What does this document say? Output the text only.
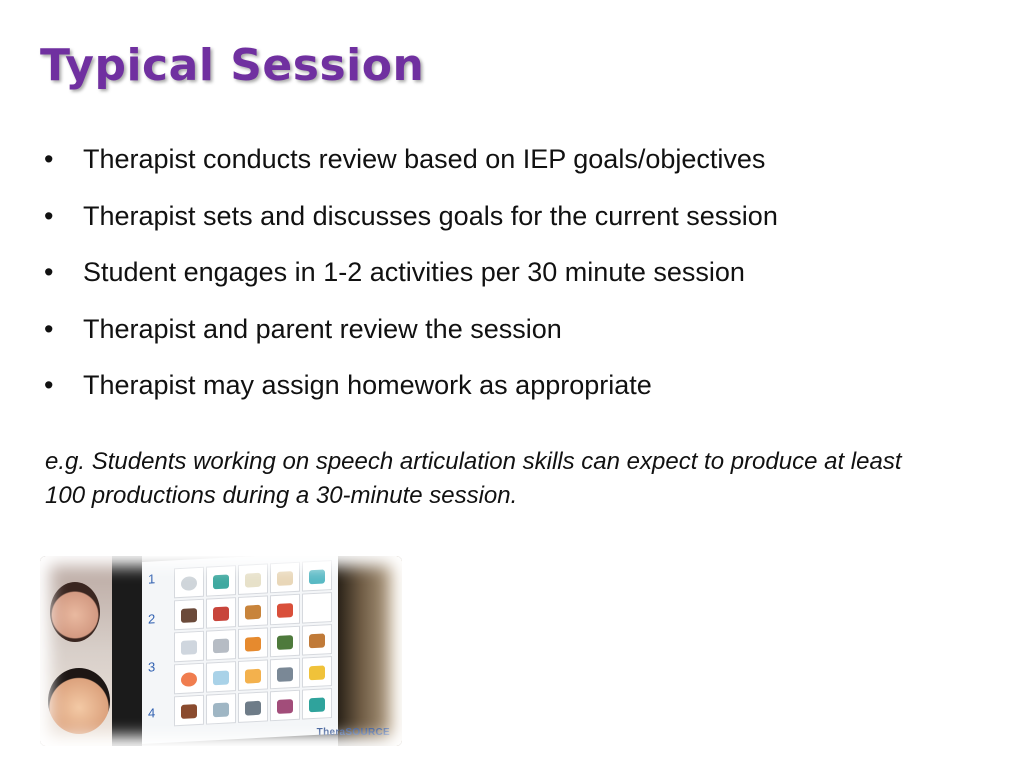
Typical Session
•	Therapist conducts review based on IEP goals/objectives
•	Therapist sets and discusses goals for the current session
•	Student engages in 1-2 activities per 30 minute session
•	Therapist and parent review the session
•	Therapist may assign homework as appropriate

e.g. Students working on speech articulation skills can expect to produce at least 100 productions during a 30-minute session.

1
2
3
4
TheraSOURCE
